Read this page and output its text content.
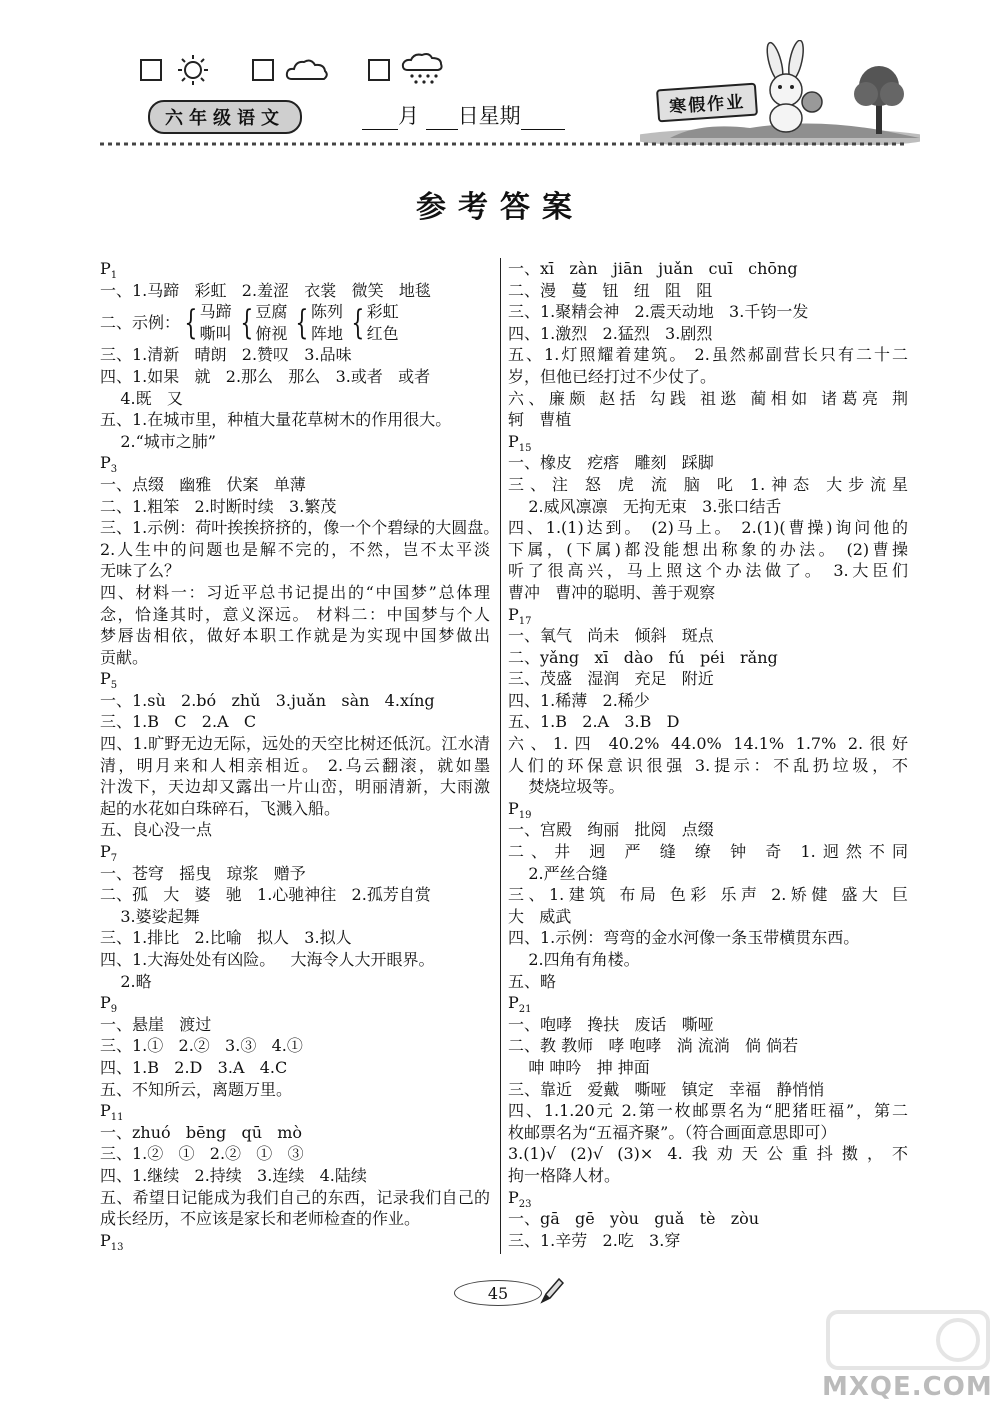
六年级语文	月 日星期	寒假作业
参考答案
$P_1$
一、1.马蹄   彩虹   2.羞涩   衣裳   微笑   地毯
二、示例： { 马蹄
嘶叫 { 豆腐
俯视 { 陈列
阵地 { 彩虹
红色
三、1.清新   晴朗   2.赞叹   3.品味
四、1.如果   就   2.那么   那么   3.或者   或者
4.既   又
五、1.在城市里，种植大量花草树木的作用很大。
2.“城市之肺”
$P_3$
一、点缀   幽雅   伏案   单薄
二、1.粗笨   2.时断时续   3.繁茂
三、1.示例：荷叶挨挨挤挤的，像一个个碧绿的大圆盘。
2.人生中的问题也是解不完的，不然，岂不太平淡
无味了么？
四、材料一：习近平总书记提出的“中国梦”总体理
念，恰逢其时，意义深远。 材料二：中国梦与个人
梦唇齿相依，做好本职工作就是为实现中国梦做出
贡献。
$P_5$
一、1.sù   2.bó   zhǔ   3.juǎn   sàn   4.xíng
三、1.B   C   2.A   C
四、1.旷野无边无际，远处的天空比树还低沉。江水清
清，明月来和人相亲相近。 2.乌云翻滚，就如墨
汁泼下，天边却又露出一片山峦，明丽清新，大雨激
起的水花如白珠碎石，飞溅入船。
五、良心没一点
$P_7$
一、苍穹   摇曳   琼浆   赠予
二、孤   大   婆   驰   1.心驰神往   2.孤芳自赏
3.婆娑起舞
三、1.排比   2.比喻   拟人   3.拟人
四、1.大海处处有凶险。   大海令人大开眼界。
2.略
$P_9$
一、悬崖   渡过
三、1.①   2.②   3.③   4.①
四、1.B   2.D   3.A   4.C
五、不知所云，离题万里。
$P_{11}$
一、zhuó   bēng   qū   mò
三、1.②   ①   2.②   ①   ③
四、1.继续   2.持续   3.连续   4.陆续
五、希望日记能成为我们自己的东西，记录我们自己的
成长经历，不应该是家长和老师检查的作业。
$P_{13}$
一、xī   zàn   jiān   juǎn   cuī   chōng
二、漫   蔓   钮   纽   阻   阻
三、1.聚精会神   2.震天动地   3.千钧一发
四、1.激烈   2.猛烈   3.剧烈
五、1.灯照耀着建筑。 2.虽然郝副营长只有二十二
岁，但他已经打过不少仗了。
六、廉颇 赵括 勾践 祖逖 蔺相如 诸葛亮 荆
轲   曹植
$P_{15}$
一、橡皮   疙瘩   雕刻   踩脚
三、注 怒 虎 流 脑 叱 1.神态 大步流星
2.威风凛凛   无拘无束   3.张口结舌
四、1.(1)达到。 (2)马上。 2.(1)(曹操)询问他的
下属，(下属)都没能想出称象的办法。 (2)曹操
听了很高兴，马上照这个办法做了。 3.大臣们
曹冲   曹冲的聪明、善于观察
$P_{17}$
一、氧气   尚未   倾斜   斑点
二、yǎng   xī   dào   fú   péi   rǎng
三、茂盛   湿润   充足   附近
四、1.稀薄   2.稀少
五、1.B   2.A   3.B   D
六、1.四 40.2% 44.0% 14.1% 1.7% 2.很好
人们的环保意识很强 3.提示：不乱扔垃圾，不
焚烧垃圾等。
$P_{19}$
一、宫殿   绚丽   批阅   点缀
二、井 迥 严 缝 缭 钟 奇 1.迥然不同
2.严丝合缝
三、1.建筑 布局 色彩 乐声 2.矫健 盛大 巨
大   威武
四、1.示例：弯弯的金水河像一条玉带横贯东西。
2.四角有角楼。
五、略
$P_{21}$
一、咆哮   搀扶   废话   嘶哑
二、教 教师   哮 咆哮   淌 流淌   倘 倘若
呻 呻吟   抻 抻面
三、靠近   爱戴   嘶哑   镇定   幸福   静悄悄
四、1.1.20元 2.第一枚邮票名为“肥猪旺福”，第二
枚邮票名为“五福齐聚”。（符合画面意思即可）
3.(1)√ (2)√ (3)× 4.我劝天公重抖擞，不
拘一格降人材。
$P_{23}$
一、gā   gē   yòu   guǎ   tè   zòu
三、1.辛劳   2.吃   3.穿
45
MXQE.COM
